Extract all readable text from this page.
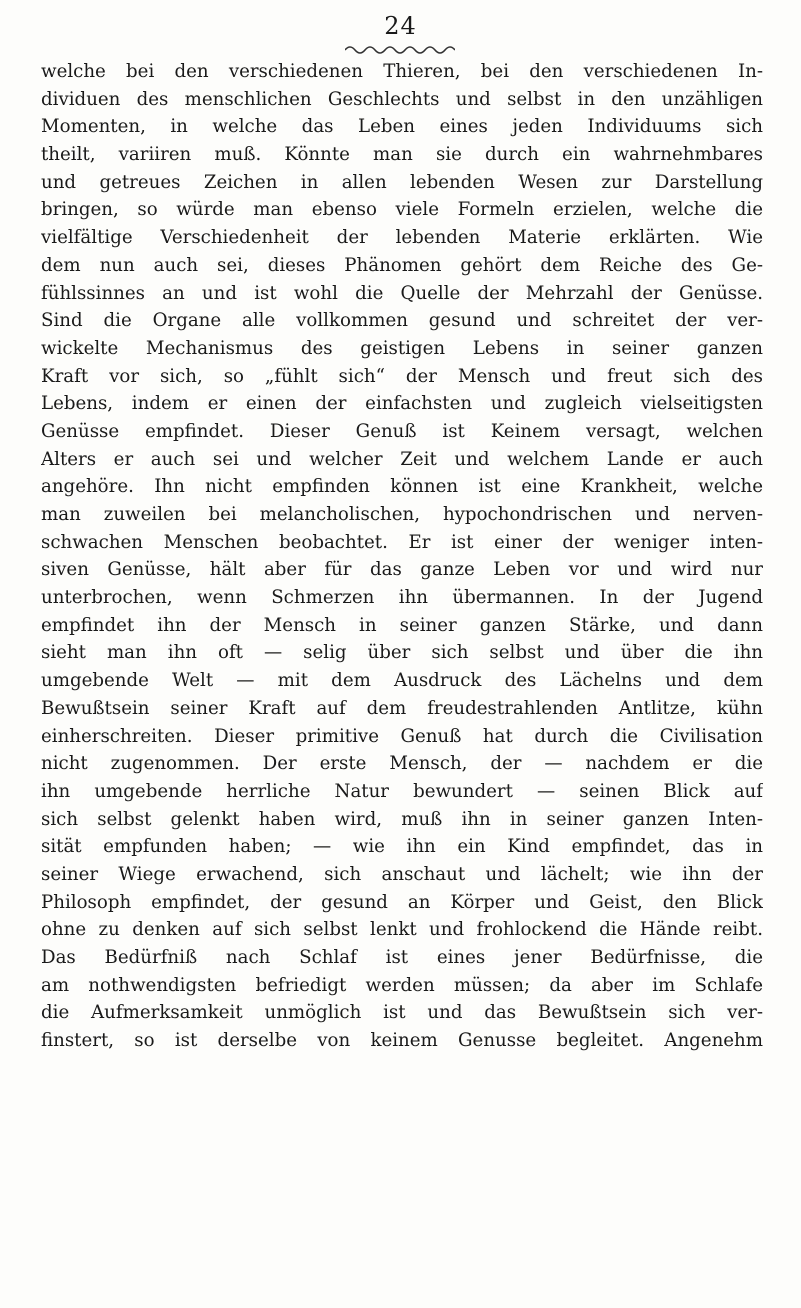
24
welche bei den verschiedenen Thieren, bei den verschiedenen In-
dividuen des menschlichen Geschlechts und selbst in den unzähligen
Momenten, in welche das Leben eines jeden Individuums sich
theilt, variiren muß. Könnte man sie durch ein wahrnehmbares
und getreues Zeichen in allen lebenden Wesen zur Darstellung
bringen, so würde man ebenso viele Formeln erzielen, welche die
vielfältige Verschiedenheit der lebenden Materie erklärten. Wie
dem nun auch sei, dieses Phänomen gehört dem Reiche des Ge-
fühlssinnes an und ist wohl die Quelle der Mehrzahl der Genüsse.
Sind die Organe alle vollkommen gesund und schreitet der ver-
wickelte Mechanismus des geistigen Lebens in seiner ganzen
Kraft vor sich, so „fühlt sich“ der Mensch und freut sich des
Lebens, indem er einen der einfachsten und zugleich vielseitigsten
Genüsse empfindet. Dieser Genuß ist Keinem versagt, welchen
Alters er auch sei und welcher Zeit und welchem Lande er auch
angehöre. Ihn nicht empfinden können ist eine Krankheit, welche
man zuweilen bei melancholischen, hypochondrischen und nerven-
schwachen Menschen beobachtet. Er ist einer der weniger inten-
siven Genüsse, hält aber für das ganze Leben vor und wird nur
unterbrochen, wenn Schmerzen ihn übermannen. In der Jugend
empfindet ihn der Mensch in seiner ganzen Stärke, und dann
sieht man ihn oft — selig über sich selbst und über die ihn
umgebende Welt — mit dem Ausdruck des Lächelns und dem
Bewußtsein seiner Kraft auf dem freudestrahlenden Antlitze, kühn
einherschreiten. Dieser primitive Genuß hat durch die Civilisation
nicht zugenommen. Der erste Mensch, der — nachdem er die
ihn umgebende herrliche Natur bewundert — seinen Blick auf
sich selbst gelenkt haben wird, muß ihn in seiner ganzen Inten-
sität empfunden haben; — wie ihn ein Kind empfindet, das in
seiner Wiege erwachend, sich anschaut und lächelt; wie ihn der
Philosoph empfindet, der gesund an Körper und Geist, den Blick
ohne zu denken auf sich selbst lenkt und frohlockend die Hände reibt.
Das Bedürfniß nach Schlaf ist eines jener Bedürfnisse, die
am nothwendigsten befriedigt werden müssen; da aber im Schlafe
die Aufmerksamkeit unmöglich ist und das Bewußtsein sich ver-
finstert, so ist derselbe von keinem Genusse begleitet. Angenehm
